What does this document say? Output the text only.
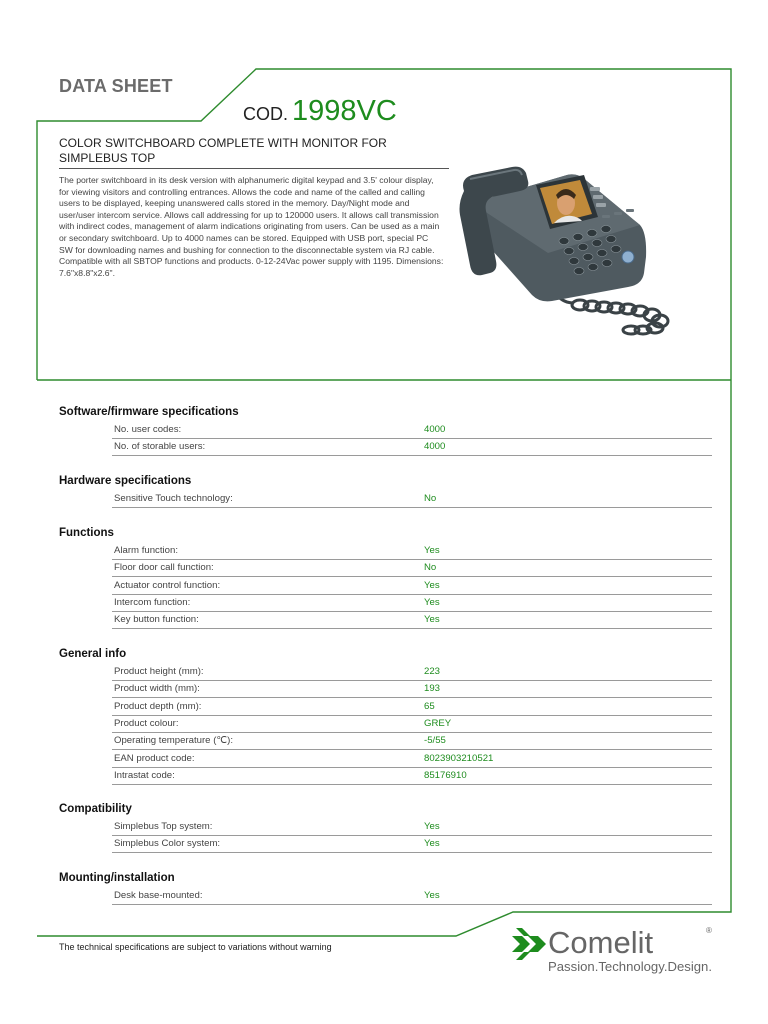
DATA SHEET
COD. 1998VC
COLOR SWITCHBOARD COMPLETE WITH MONITOR FOR SIMPLEBUS TOP
The porter switchboard in its desk version with alphanumeric digital keypad and 3.5' colour display, for viewing visitors and controlling entrances. Allows the code and name of the called and calling users to be displayed, keeping unanswered calls stored in the memory. Day/Night mode and user/user intercom service. Allows call addressing for up to 120000 users. It allows call transmission with indirect codes, management of alarm indications originating from users. Can be used as a main or secondary switchboard. Up to 4000 names can be stored. Equipped with USB port, special PC SW for downloading names and bushing for connection to the disconnectable system via RJ cable. Compatible with all SBTOP functions and products. 0-12-24Vac power supply with 1195. Dimensions: 7.6"x8.8"x2.6".
Software/firmware specifications
No. user codes:	4000
No. of storable users:	4000
Hardware specifications
Sensitive Touch technology:	No
Functions
Alarm function:	Yes
Floor door call function:	No
Actuator control function:	Yes
Intercom function:	Yes
Key button function:	Yes
General info
Product height (mm):	223
Product width (mm):	193
Product depth (mm):	65
Product colour:	GREY
Operating temperature (℃):	-5/55
EAN product code:	8023903210521
Intrastat code:	85176910
Compatibility
Simplebus Top system:	Yes
Simplebus Color system:	Yes
Mounting/installation
Desk base-mounted:	Yes
The technical specifications are subject to variations without warning	Comelit	®
Passion.Technology.Design.
